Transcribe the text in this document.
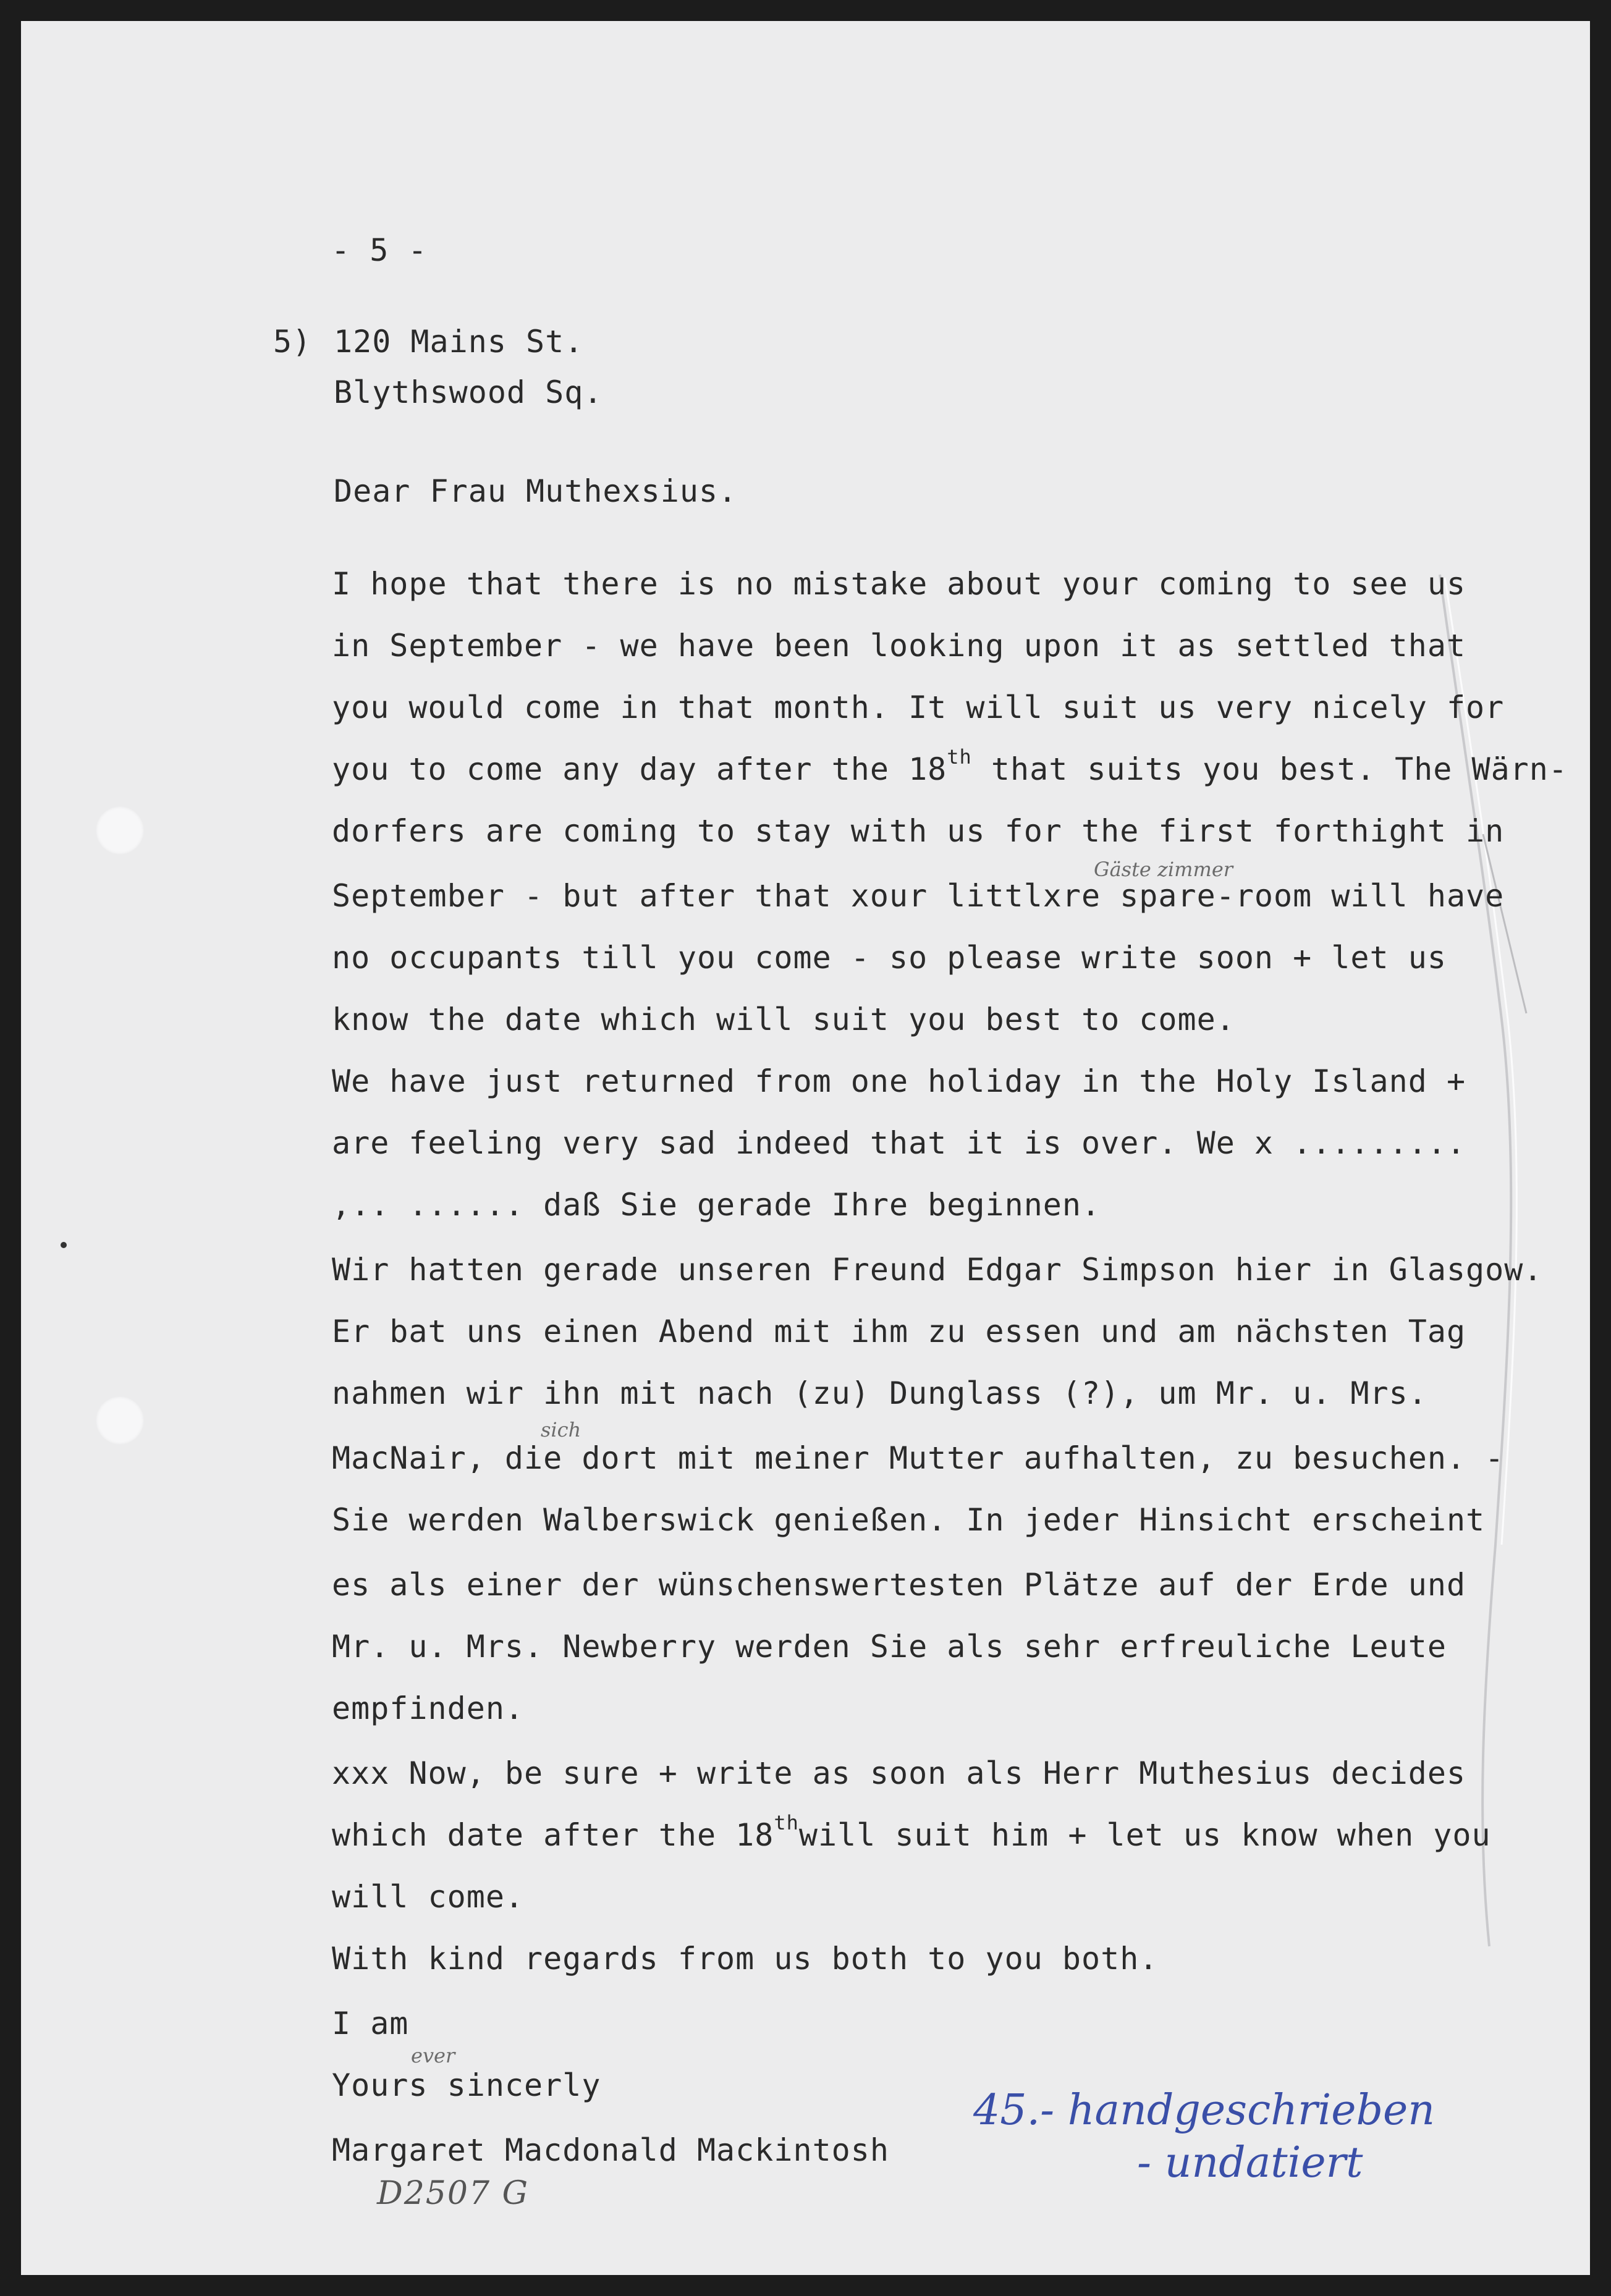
- 5 -
5) 120 Mains St.
Blythswood Sq.
Dear Frau Muthexsius.
I hope that there is no mistake about your coming to see us
in September - we have been looking upon it as settled that
you would come in that month. It will suit us very nicely for
you to come any day after the 18th that suits you best. The Wärn-
dorfers are coming to stay with us for the first forthight in
September - but after that xour littlxre spare-room will have
no occupants till you come - so please write soon + let us
know the date which will suit you best to come.
We have just returned from one holiday in the Holy Island +
are feeling very sad indeed that it is over. We x .........
,.. ...... daß Sie gerade Ihre beginnen.
Wir hatten gerade unseren Freund Edgar Simpson hier in Glasgow.
Er bat uns einen Abend mit ihm zu essen und am nächsten Tag
nahmen wir ihn mit nach (zu) Dunglass (?), um Mr. u. Mrs.
MacNair, die dort mit meiner Mutter aufhalten, zu besuchen. -
Sie werden Walberswick genießen. In jeder Hinsicht erscheint
es als einer der wünschenswertesten Plätze auf der Erde und
Mr. u. Mrs. Newberry werden Sie als sehr erfreuliche Leute
empfinden.
xxx Now, be sure + write as soon als Herr Muthesius decides
which date after the 18thwill suit him + let us know when you
will come.
With kind regards from us both to you both.
I am
Yours sincerly
Margaret Macdonald Mackintosh
Gäste zimmer
sich
ever
D2507 G
45.- handgeschrieben
- undatiert
